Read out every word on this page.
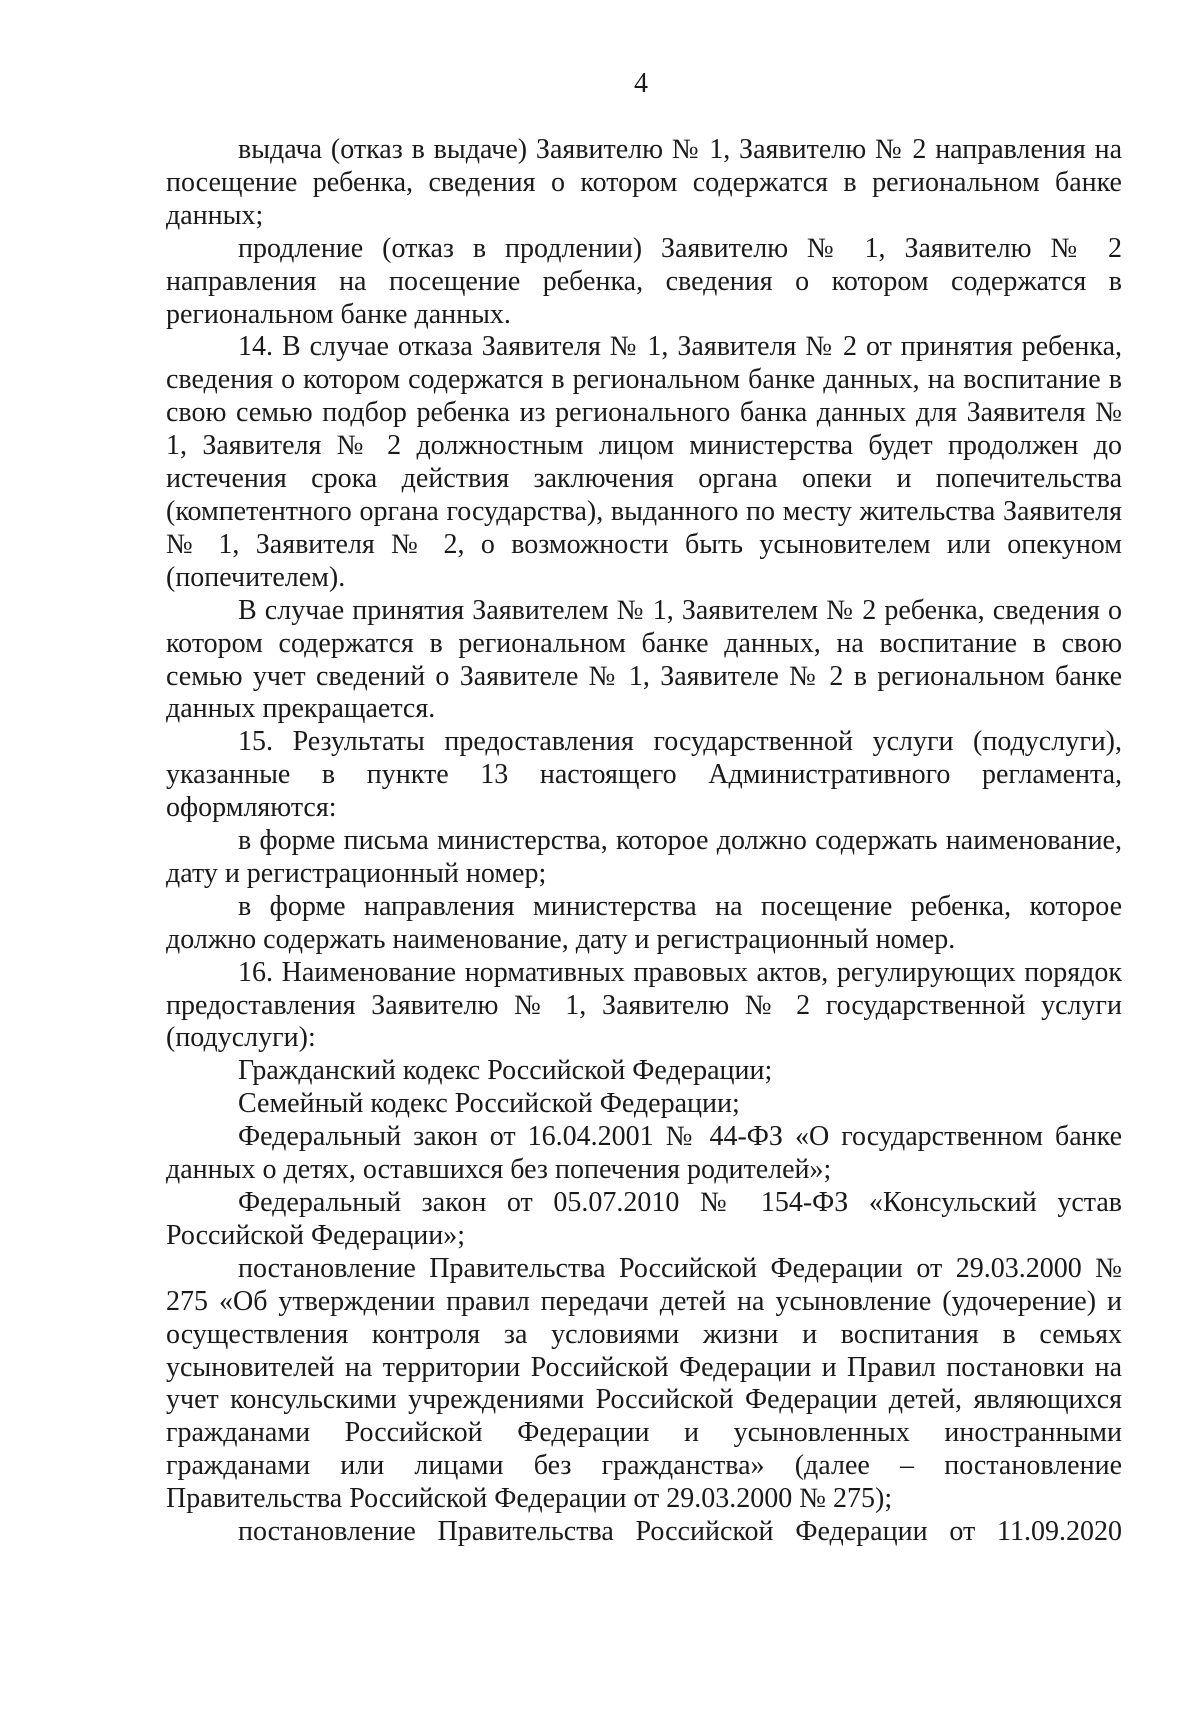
4

выдача (отказ в выдаче) Заявителю № 1, Заявителю № 2 направления на посещение ребенка, сведения о котором содержатся в региональном банке данных;

продление (отказ в продлении) Заявителю № 1, Заявителю № 2 направления на посещение ребенка, сведения о котором содержатся в региональном банке данных.

14. В случае отказа Заявителя № 1, Заявителя № 2 от принятия ребенка, сведения о котором содержатся в региональном банке данных, на воспитание в свою семью подбор ребенка из регионального банка данных для Заявителя № 1, Заявителя № 2 должностным лицом министерства будет продолжен до истечения срока действия заключения органа опеки и попечительства (компетентного органа государства), выданного по месту жительства Заявителя № 1, Заявителя № 2, о возможности быть усыновителем или опекуном (попечителем).

В случае принятия Заявителем № 1, Заявителем № 2 ребенка, сведения о котором содержатся в региональном банке данных, на воспитание в свою семью учет сведений о Заявителе № 1, Заявителе № 2 в региональном банке данных прекращается.

15. Результаты предоставления государственной услуги (подуслуги), указанные в пункте 13 настоящего Административного регламента, оформляются:

в форме письма министерства, которое должно содержать наименование, дату и регистрационный номер;

в форме направления министерства на посещение ребенка, которое должно содержать наименование, дату и регистрационный номер.

16. Наименование нормативных правовых актов, регулирующих порядок предоставления Заявителю № 1, Заявителю № 2 государственной услуги (подуслуги):

Гражданский кодекс Российской Федерации;

Семейный кодекс Российской Федерации;

Федеральный закон от 16.04.2001 № 44-ФЗ «О государственном банке данных о детях, оставшихся без попечения родителей»;

Федеральный закон от 05.07.2010 № 154-ФЗ «Консульский устав Российской Федерации»;

постановление Правительства Российской Федерации от 29.03.2000 № 275 «Об утверждении правил передачи детей на усыновление (удочерение) и осуществления контроля за условиями жизни и воспитания в семьях усыновителей на территории Российской Федерации и Правил постановки на учет консульскими учреждениями Российской Федерации детей, являющихся гражданами Российской Федерации и усыновленных иностранными гражданами или лицами без гражданства» (далее – постановление Правительства Российской Федерации от 29.03.2000 № 275);

постановление Правительства Российской Федерации от 11.09.2020
